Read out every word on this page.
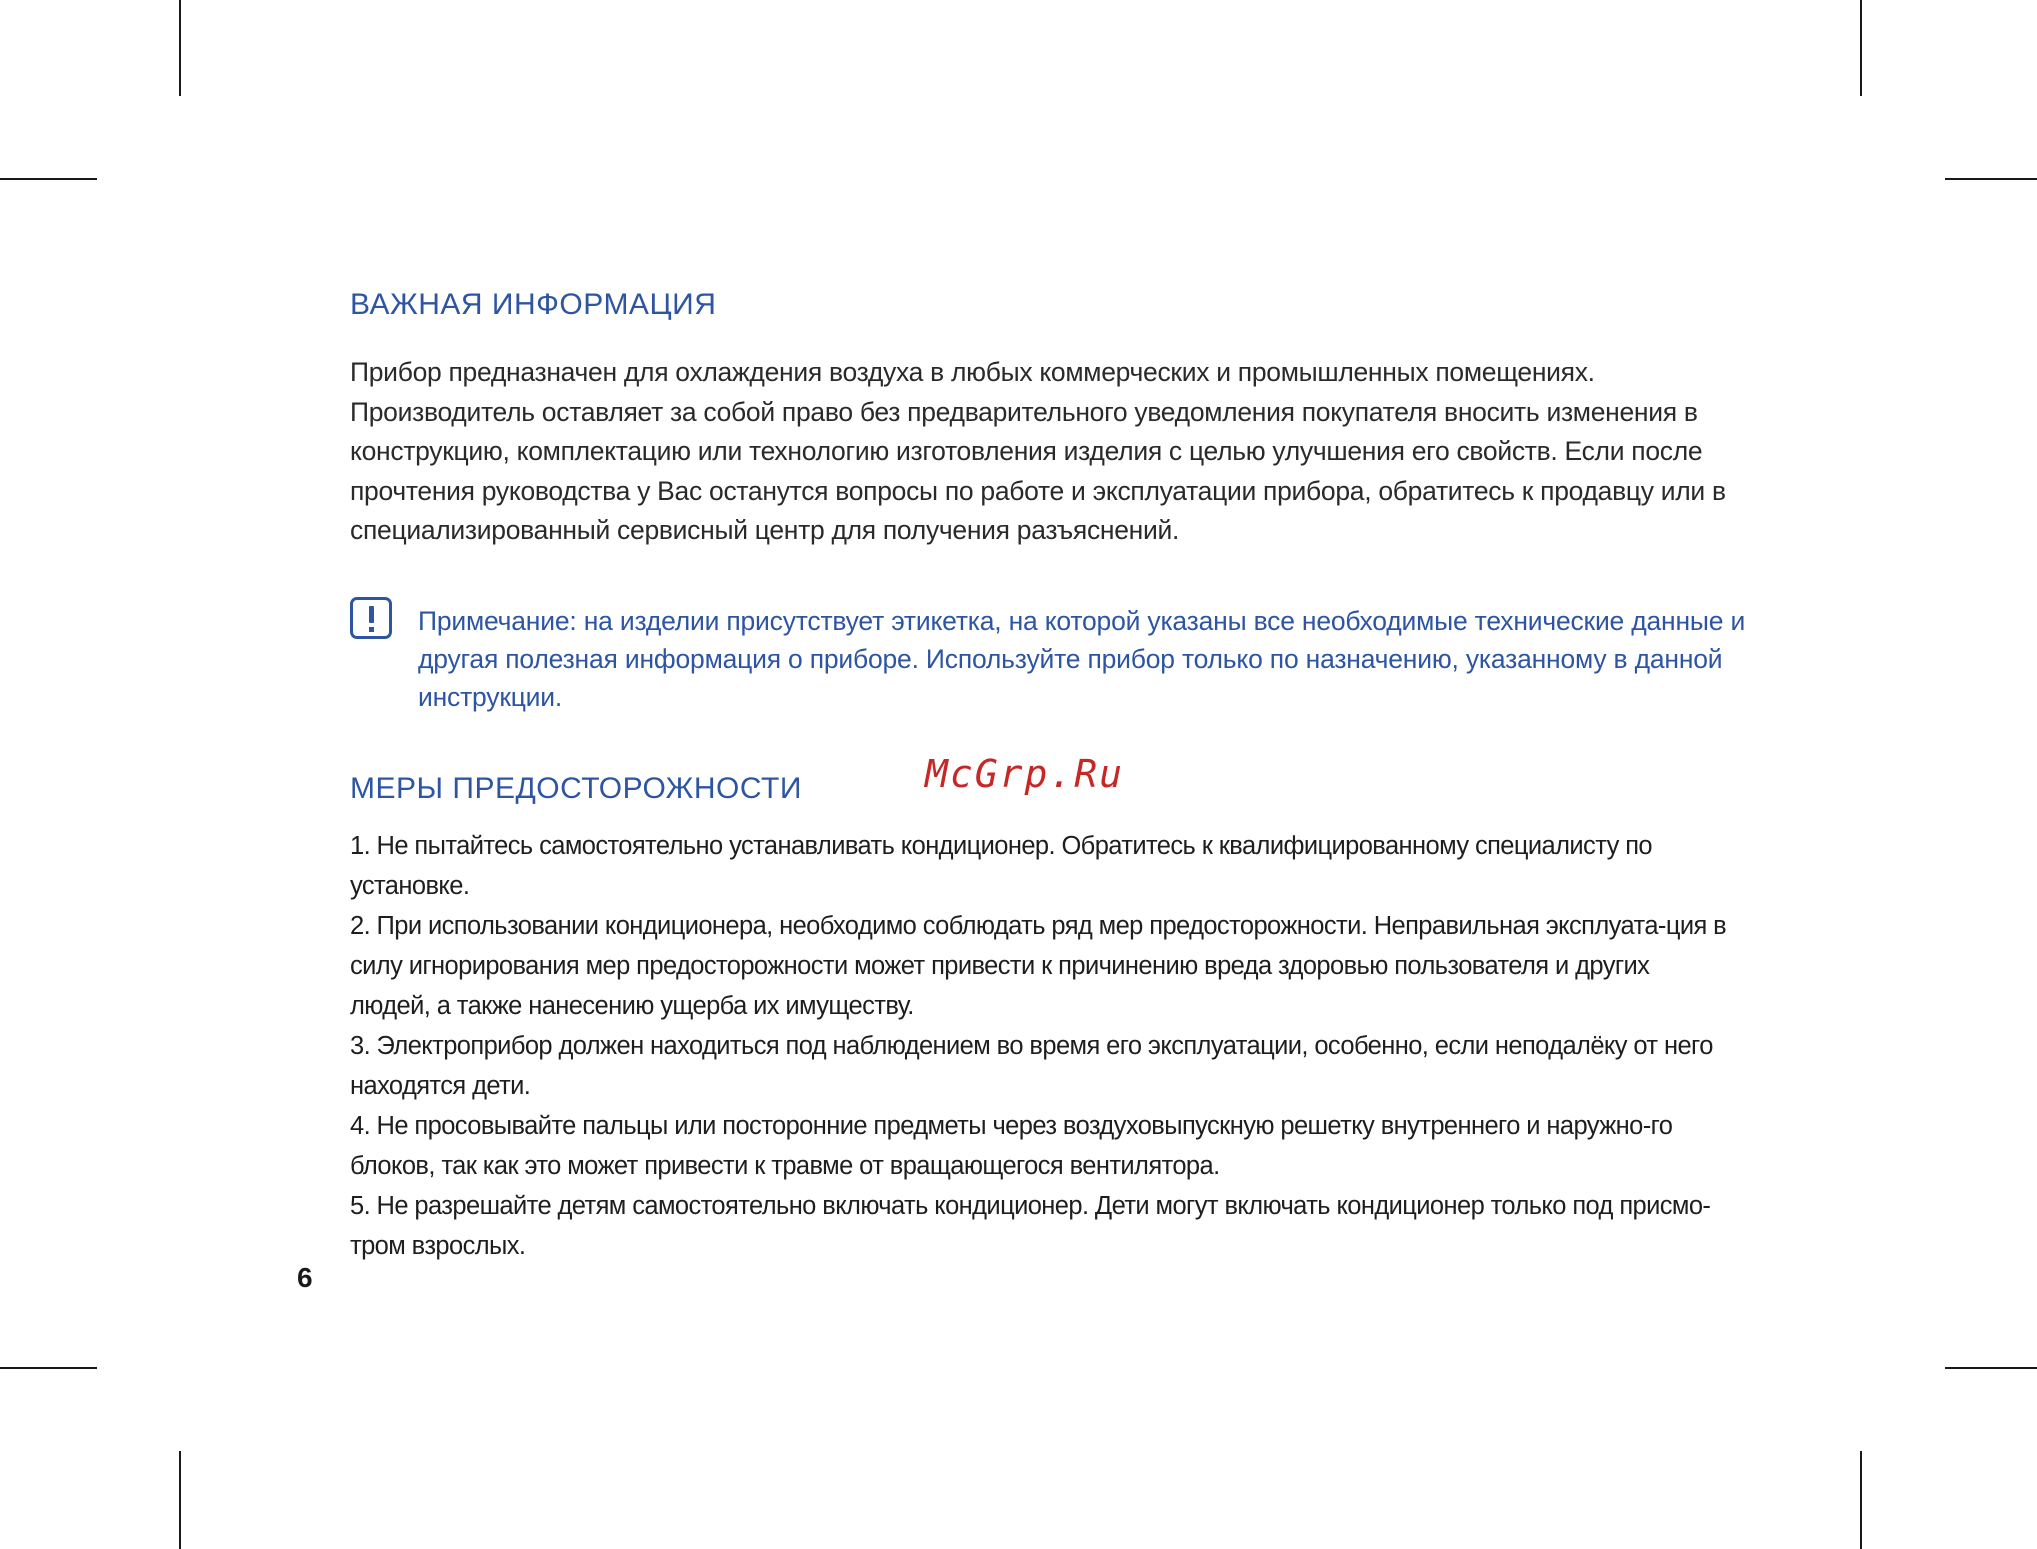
ВАЖНАЯ ИНФОРМАЦИЯ

Прибор предназначен для охлаждения воздуха в любых коммерческих и промышленных помещениях. Производитель оставляет за собой право без предварительного уведомления покупателя вносить изменения в конструкцию, комплектацию или технологию изготовления изделия с целью улучшения его свойств. Если после прочтения руководства у Вас останутся вопросы по работе и эксплуатации прибора, обратитесь к продавцу или в специализированный сервисный центр для получения разъяснений.

Примечание: на изделии присутствует этикетка, на которой указаны все необходимые технические данные и другая полезная информация о приборе. Используйте прибор только по назначению, указанному в данной инструкции.

McGrp.Ru

МЕРЫ ПРЕДОСТОРОЖНОСТИ
1. Не пытайтесь самостоятельно устанавливать кондиционер. Обратитесь к квалифицированному специалисту по установке.
2. При использовании кондиционера, необходимо соблюдать ряд мер предосторожности. Неправильная эксплуата-ция в силу игнорирования мер предосторожности может привести к причинению вреда здоровью пользователя и других людей, а также нанесению ущерба их имуществу.
3. Электроприбор должен находиться под наблюдением во время его эксплуатации, особенно, если неподалёку от него находятся дети.
4. Не просовывайте пальцы или посторонние предметы через воздуховыпускную решетку внутреннего и наружно-го блоков, так как это может привести к травме от вращающегося вентилятора.
5. Не разрешайте детям самостоятельно включать кондиционер. Дети могут включать кондиционер только под присмо-тром взрослых.

6
